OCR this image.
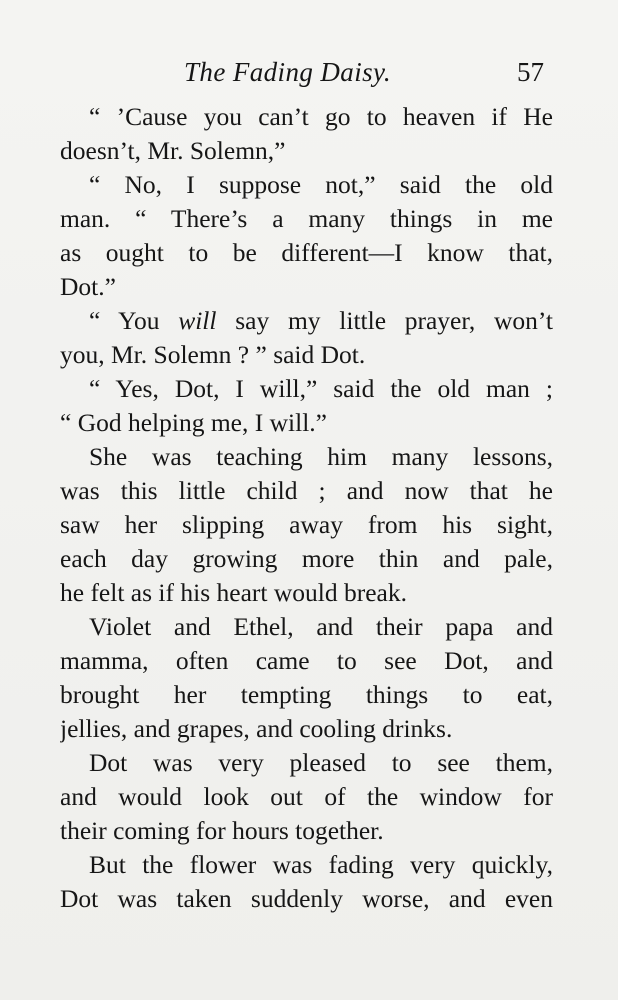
The Fading Daisy.	57
“ ’Cause you can’t go to heaven if He
doesn’t, Mr. Solemn,”
“ No, I suppose not,” said the old
man. “ There’s a many things in me
as ought to be different—I know that,
Dot.”
“ You will say my little prayer, won’t
you, Mr. Solemn ? ” said Dot.
“ Yes, Dot, I will,” said the old man ;
“ God helping me, I will.”
She was teaching him many lessons,
was this little child ; and now that he
saw her slipping away from his sight,
each day growing more thin and pale,
he felt as if his heart would break.
Violet and Ethel, and their papa and
mamma, often came to see Dot, and
brought her tempting things to eat,
jellies, and grapes, and cooling drinks.
Dot was very pleased to see them,
and would look out of the window for
their coming for hours together.
But the flower was fading very quickly,
Dot was taken suddenly worse, and even
